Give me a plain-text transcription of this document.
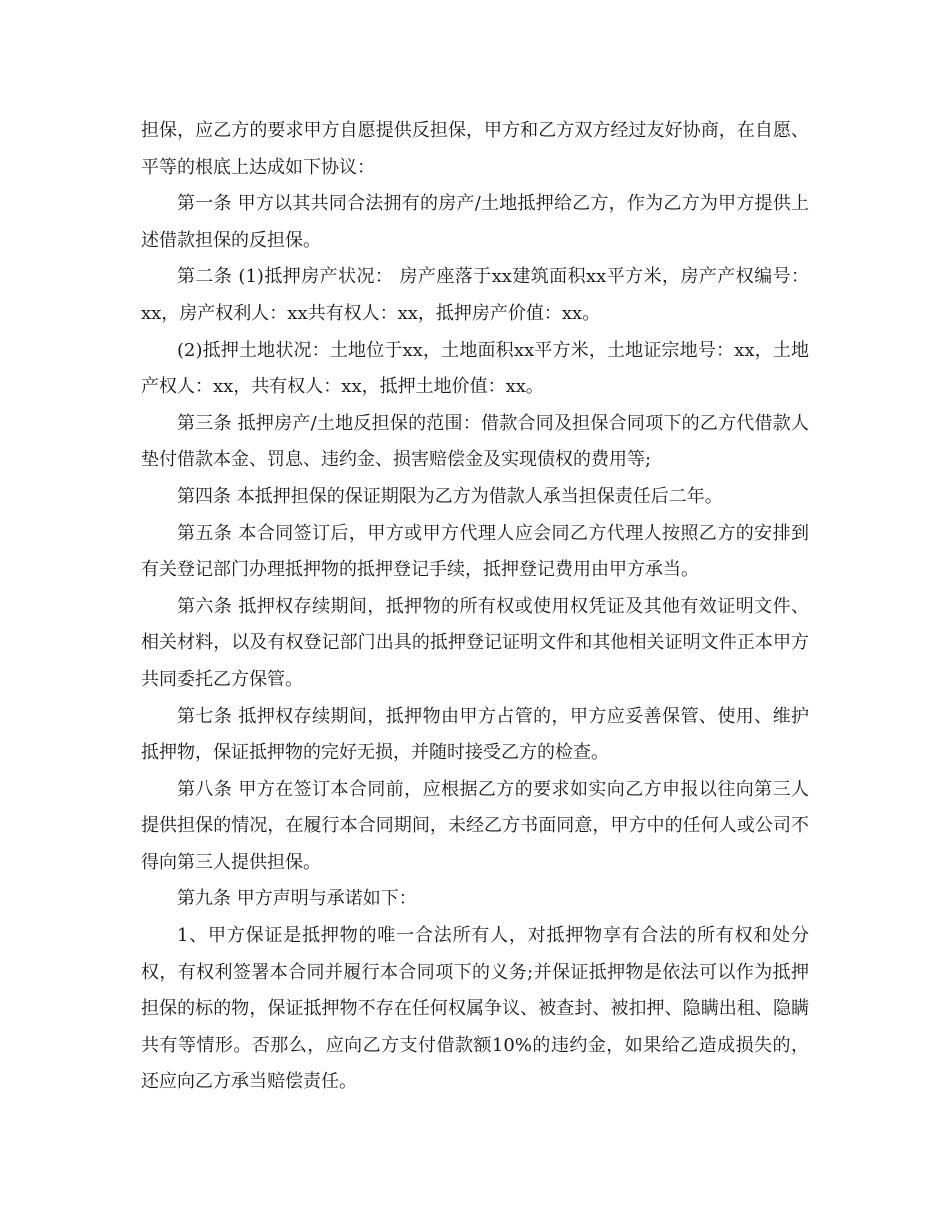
担保，应乙方的要求甲方自愿提供反担保，甲方和乙方双方经过友好协商，在自愿、平等的根底上达成如下协议：

第一条 甲方以其共同合法拥有的房产/土地抵押给乙方，作为乙方为甲方提供上述借款担保的反担保。

第二条 (1)抵押房产状况： 房产座落于xx建筑面积xx平方米，房产产权编号：xx，房产权利人：xx共有权人：xx，抵押房产价值：xx。

(2)抵押土地状况：土地位于xx，土地面积xx平方米，土地证宗地号：xx，土地产权人：xx，共有权人：xx，抵押土地价值：xx。

第三条 抵押房产/土地反担保的范围：借款合同及担保合同项下的乙方代借款人垫付借款本金、罚息、违约金、损害赔偿金及实现债权的费用等;

第四条 本抵押担保的保证期限为乙方为借款人承当担保责任后二年。

第五条 本合同签订后，甲方或甲方代理人应会同乙方代理人按照乙方的安排到有关登记部门办理抵押物的抵押登记手续，抵押登记费用由甲方承当。

第六条 抵押权存续期间，抵押物的所有权或使用权凭证及其他有效证明文件、相关材料，以及有权登记部门出具的抵押登记证明文件和其他相关证明文件正本甲方共同委托乙方保管。

第七条 抵押权存续期间，抵押物由甲方占管的，甲方应妥善保管、使用、维护抵押物，保证抵押物的完好无损，并随时接受乙方的检查。

第八条 甲方在签订本合同前，应根据乙方的要求如实向乙方申报以往向第三人提供担保的情况，在履行本合同期间，未经乙方书面同意，甲方中的任何人或公司不得向第三人提供担保。

第九条 甲方声明与承诺如下：

1、甲方保证是抵押物的唯一合法所有人，对抵押物享有合法的所有权和处分权，有权利签署本合同并履行本合同项下的义务;并保证抵押物是依法可以作为抵押担保的标的物，保证抵押物不存在任何权属争议、被查封、被扣押、隐瞒出租、隐瞒共有等情形。否那么，应向乙方支付借款额10%的违约金，如果给乙造成损失的，还应向乙方承当赔偿责任。
